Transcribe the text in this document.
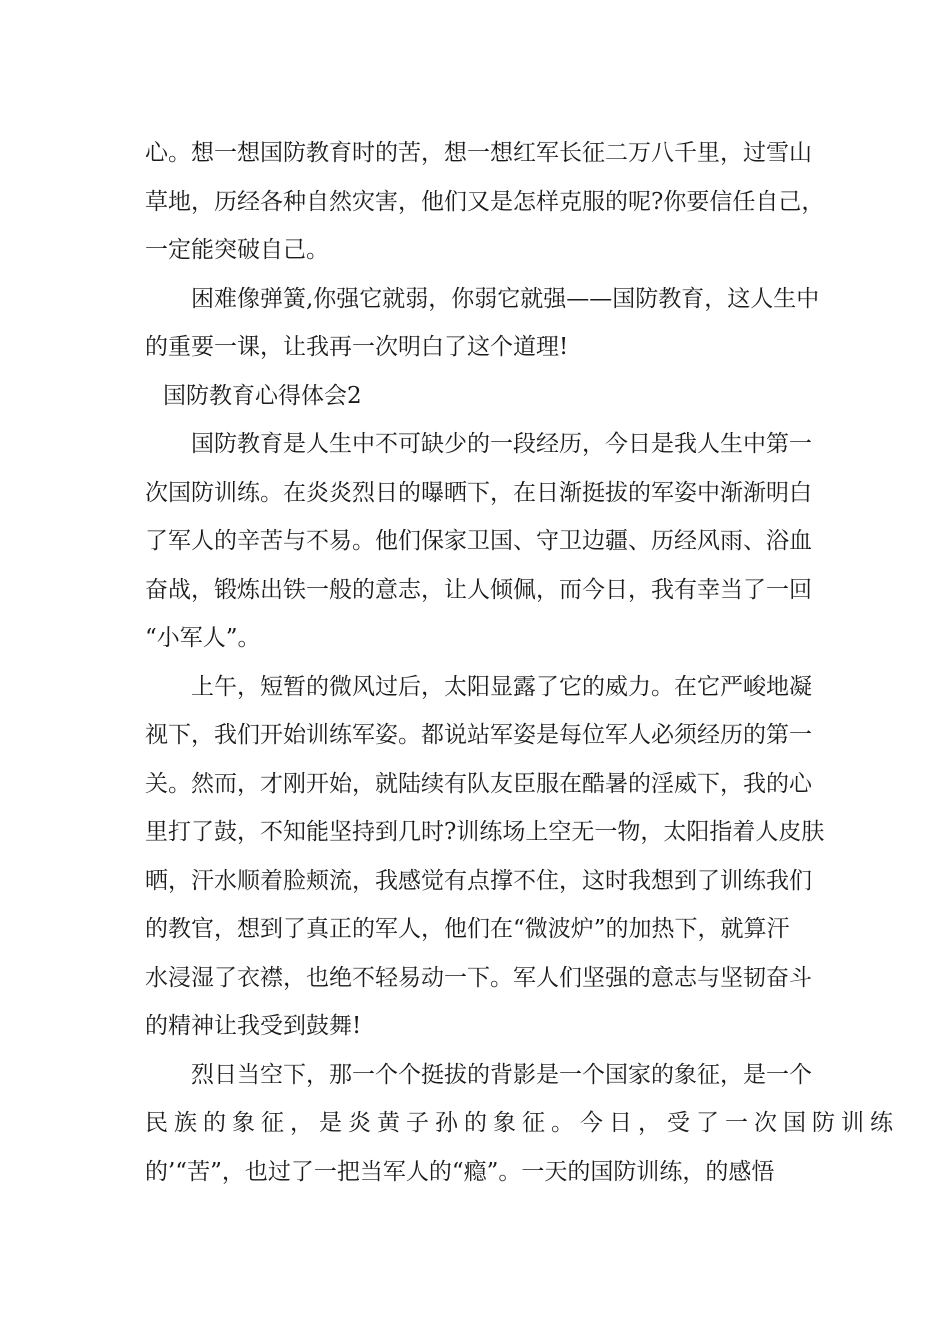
心。想一想国防教育时的苦，想一想红军长征二万八千里，过雪山
草地，历经各种自然灾害，他们又是怎样克服的呢?你要信任自己，
一定能突破自己。
困难像弹簧,你强它就弱，你弱它就强——国防教育，这人生中
的重要一课，让我再一次明白了这个道理!
国防教育心得体会2
国防教育是人生中不可缺少的一段经历，今日是我人生中第一
次国防训练。在炎炎烈日的曝晒下，在日渐挺拔的军姿中渐渐明白
了军人的辛苦与不易。他们保家卫国、守卫边疆、历经风雨、浴血
奋战，锻炼出铁一般的意志，让人倾佩，而今日，我有幸当了一回
“小军人”。
上午，短暂的微风过后，太阳显露了它的威力。在它严峻地凝
视下，我们开始训练军姿。都说站军姿是每位军人必须经历的第一
关。然而，才刚开始，就陆续有队友臣服在酷暑的淫威下，我的心
里打了鼓，不知能坚持到几时?训练场上空无一物，太阳指着人皮肤
晒，汗水顺着脸颊流，我感觉有点撑不住，这时我想到了训练我们
的教官，想到了真正的军人，他们在“微波炉”的加热下，就算汗
水浸湿了衣襟，也绝不轻易动一下。军人们坚强的意志与坚韧奋斗
的精神让我受到鼓舞!
烈日当空下，那一个个挺拔的背影是一个国家的象征，是一个
民族的象征，是炎黄子孙的象征。今日，受了一次国防训练
的’“苦”，也过了一把当军人的“瘾”。一天的国防训练，的感悟
